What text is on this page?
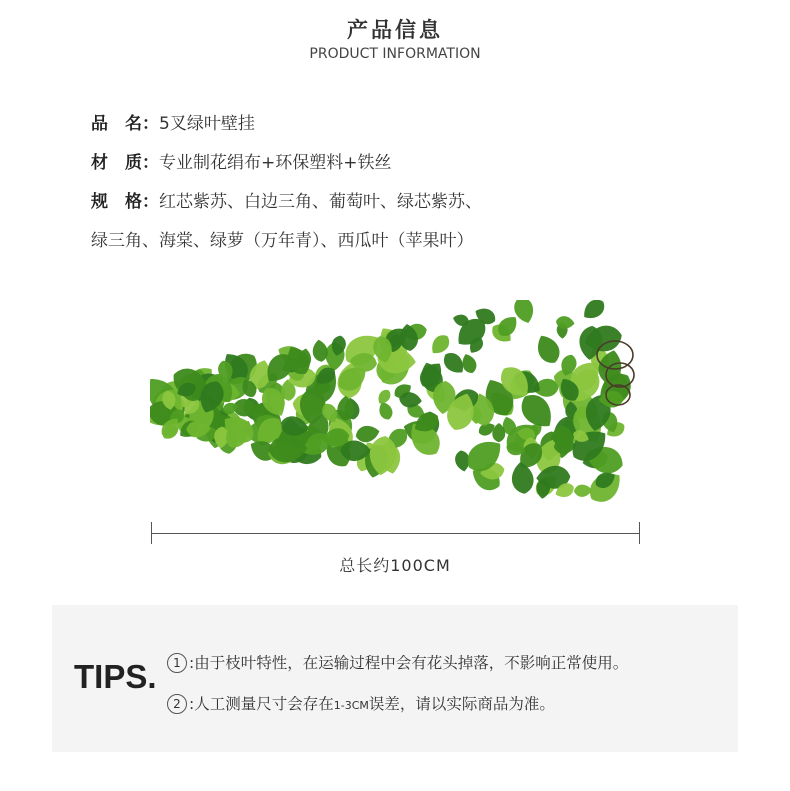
产品信息
PRODUCT INFORMATION
品　名：5叉绿叶壁挂
材　质：专业制花绢布+环保塑料+铁丝
规　格：红芯紫苏、白边三角、葡萄叶、绿芯紫苏、
绿三角、海棠、绿萝（万年青）、西瓜叶（苹果叶）
总长约100CM
TIPS.	1 :由于枝叶特性，在运输过程中会有花头掉落，不影响正常使用。
2 :人工测量尺寸会存在1-3CM误差，请以实际商品为准。
